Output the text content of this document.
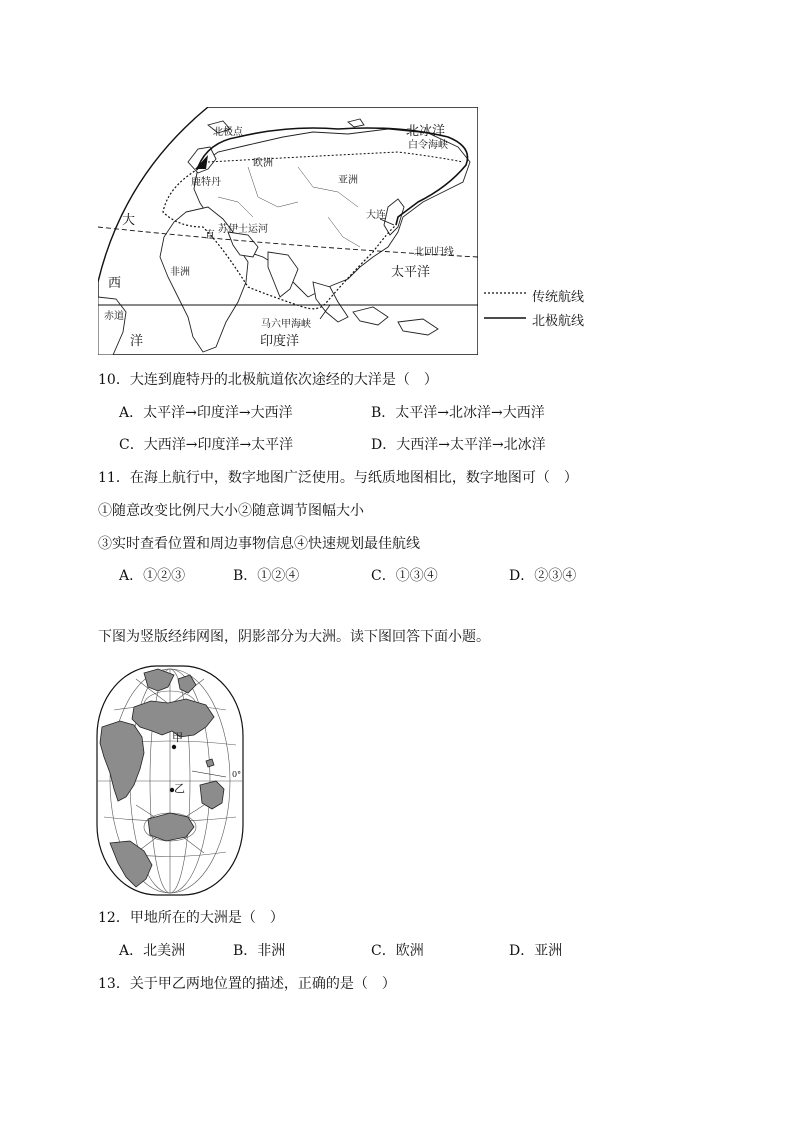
北极点	北冰洋
白令海峡
欧洲
亚洲
鹿特丹
大
直
大连
苏伊士运河
北回归线
非洲	太平洋
西
赤道
马六甲海峡
洋	印度洋
传统航线
北极航线
10．大连到鹿特丹的北极航道依次途经的大洋是（　）
A．太平洋→印度洋→大西洋	B．太平洋→北冰洋→大西洋
C．大西洋→印度洋→太平洋	D．大西洋→太平洋→北冰洋
11．在海上航行中，数字地图广泛使用。与纸质地图相比，数字地图可（　）
①随意改变比例尺大小②随意调节图幅大小
③实时查看位置和周边事物信息④快速规划最佳航线
A．①②③	B．①②④	C．①③④	D．②③④
下图为竖版经纬网图，阴影部分为大洲。读下图回答下面小题。
甲
乙
0°
12．甲地所在的大洲是（　）
A．北美洲	B．非洲	C．欧洲	D．亚洲
13．关于甲乙两地位置的描述，正确的是（　）
